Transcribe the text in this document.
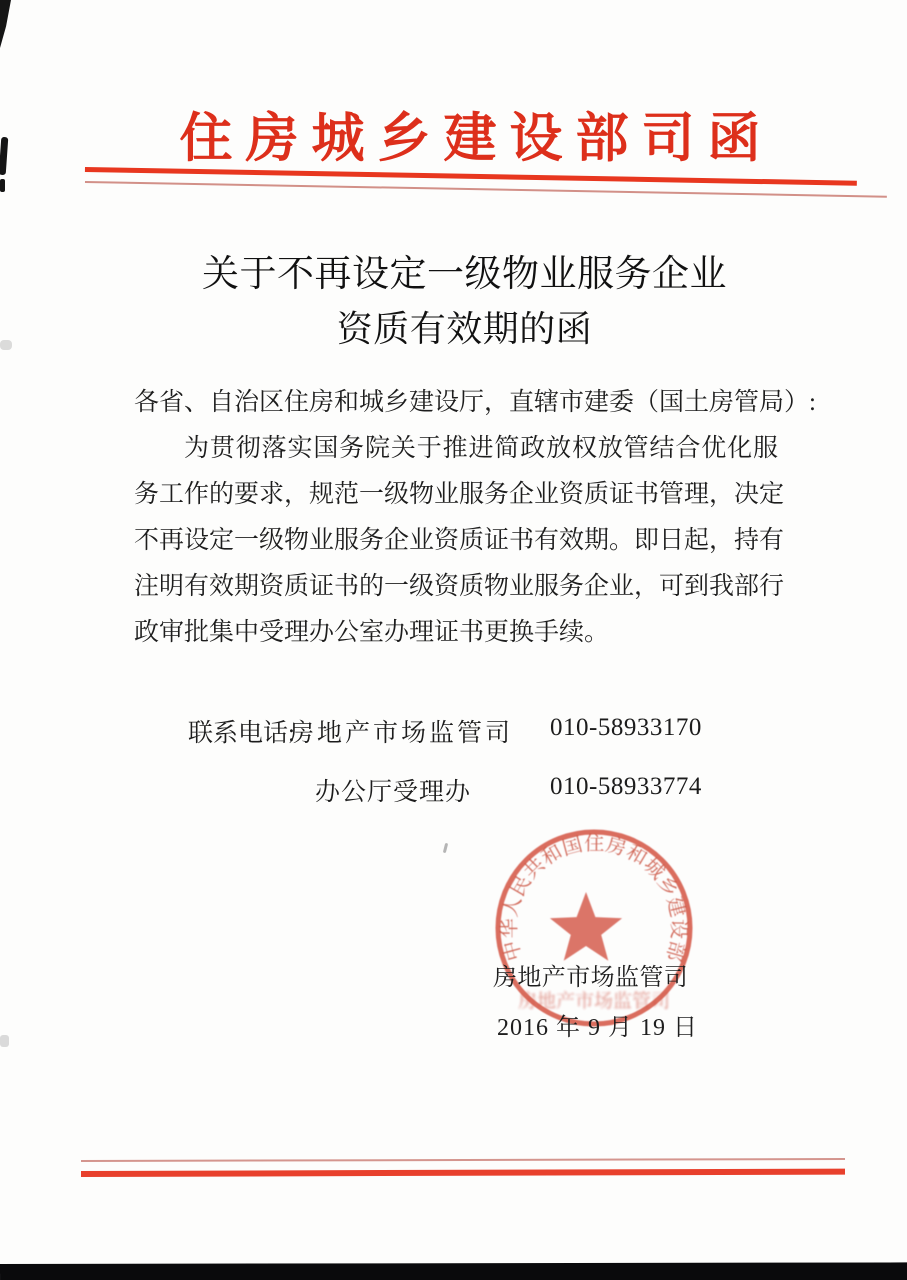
住房城乡建设部司函
关于不再设定一级物业服务企业
资质有效期的函
各省、自治区住房和城乡建设厅，直辖市建委（国土房管局）:
为贯彻落实国务院关于推进简政放权放管结合优化服
务工作的要求，规范一级物业服务企业资质证书管理，决定
不再设定一级物业服务企业资质证书有效期。即日起，持有
注明有效期资质证书的一级资质物业服务企业，可到我部行
政审批集中受理办公室办理证书更换手续。
联系电话:
房地产市场监管司 010-58933170
办公厅受理办	010-58933774
中华人民共和国住房和城乡建设部
房地产市场监管司
房地产市场监管司
2016 年 9 月 19 日
